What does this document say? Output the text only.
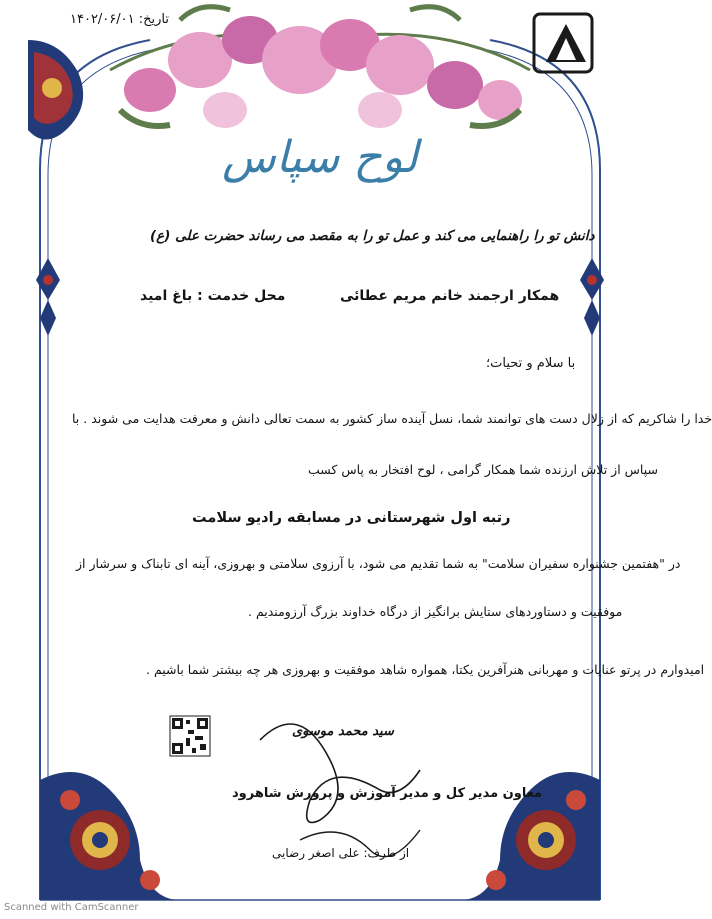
لوح سپاس
تاریخ: ۱۴۰۲/۰۶/۰۱
دانش تو را راهنمایی می کند و عمل تو را به مقصد می رساند حضرت علی (ع)
همکار ارجمند خانم مریم عطائی
محل خدمت : باغ امید
با سلام و تحیات؛
خدا را شاکریم که از زلال دست های توانمند شما، نسل آینده ساز کشور به سمت تعالی دانش و معرفت هدایت می شوند . با
سپاس از تلاش ارزنده شما همکار گرامی ، لوح افتخار به پاس کسب
رتبه اول شهرستانی در مسابقه رادیو سلامت
در "هفتمین جشنواره سفیران سلامت" به شما تقدیم می شود، با آرزوی سلامتی و بهروزی، آینه ای تابناک و سرشار از
موفقیت و دستاوردهای ستایش برانگیز از درگاه خداوند بزرگ آرزومندیم .
امیدوارم در پرتو عنایات و مهربانی هنرآفرین یکتا، همواره شاهد موفقیت و بهروزی هر چه بیشتر شما باشیم .
سید محمد موسوی
معاون مدیر کل و مدیر آموزش و پرورش شاهرود
از طرف: علی اصغر رضایی
Scanned with CamScanner
